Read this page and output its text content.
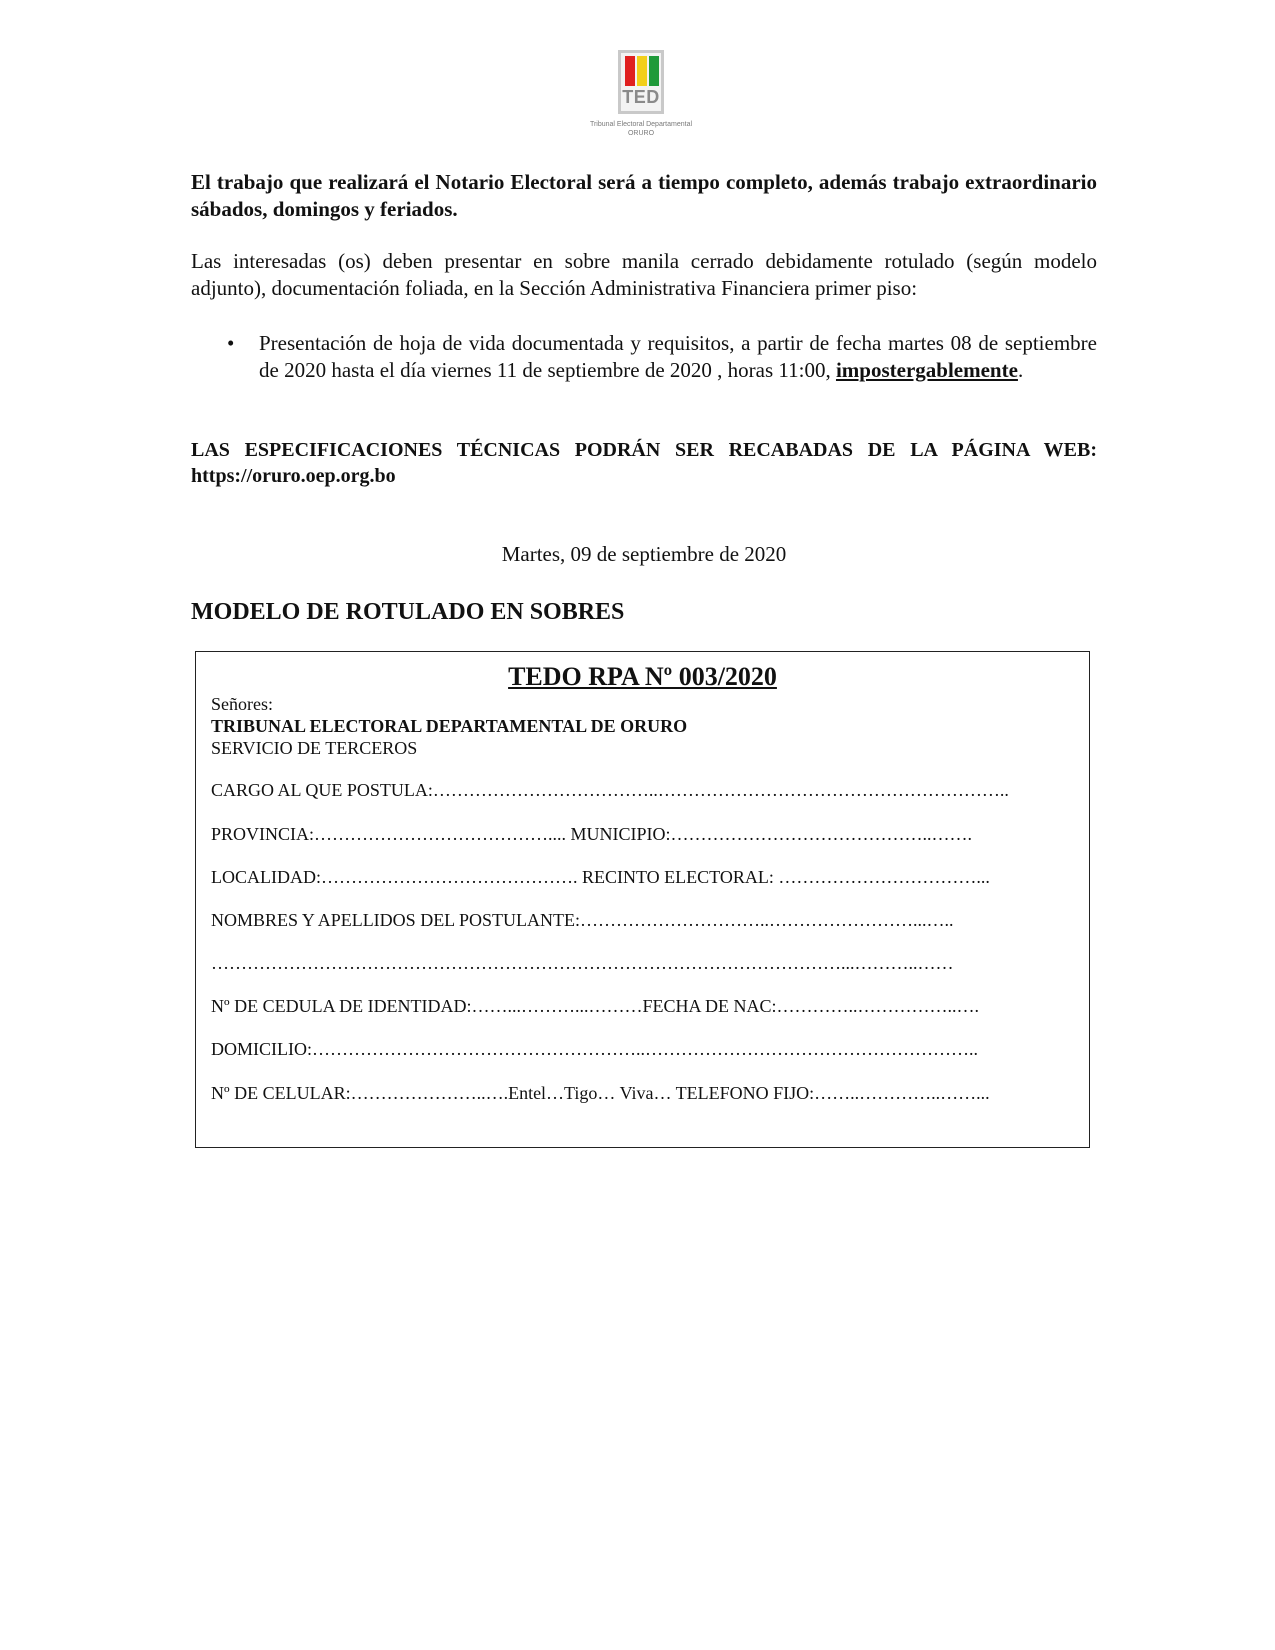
TED
Tribunal Electoral Departamental
ORURO

El trabajo que realizará el Notario Electoral será a tiempo completo, además trabajo extraordinario sábados, domingos y feriados.

Las interesadas (os) deben presentar en sobre manila cerrado debidamente rotulado (según modelo adjunto), documentación foliada, en la Sección Administrativa Financiera primer piso:

• Presentación de hoja de vida documentada y requisitos, a partir de fecha martes 08 de septiembre de 2020 hasta el día viernes 11 de septiembre de 2020 , horas 11:00, impostergablemente.

LAS ESPECIFICACIONES TÉCNICAS PODRÁN SER RECABADAS DE LA PÁGINA WEB: https://oruro.oep.org.bo

Martes, 09 de septiembre de 2020
MODELO DE ROTULADO EN SOBRES
TEDO RPA Nº 003/2020
Señores:
TRIBUNAL ELECTORAL DEPARTAMENTAL DE ORURO
SERVICIO DE TERCEROS
CARGO AL QUE POSTULA:………………………………..…………………………………………………..
PROVINCIA:………………………………….... MUNICIPIO:……………………………………..…….
LOCALIDAD:……………………………………. RECINTO ELECTORAL: ……………………………...
NOMBRES Y APELLIDOS DEL POSTULANTE:…………………………..……………………...…..
……………………………………………………………………………………………...………..……
Nº DE CEDULA DE IDENTIDAD:……...………...………FECHA DE NAC:…………..……………..….
DOMICILIO:………………………………………………..………………………………………………..
Nº DE CELULAR:…………………..….Entel…Tigo… Viva… TELEFONO FIJO:……..…………..……...
